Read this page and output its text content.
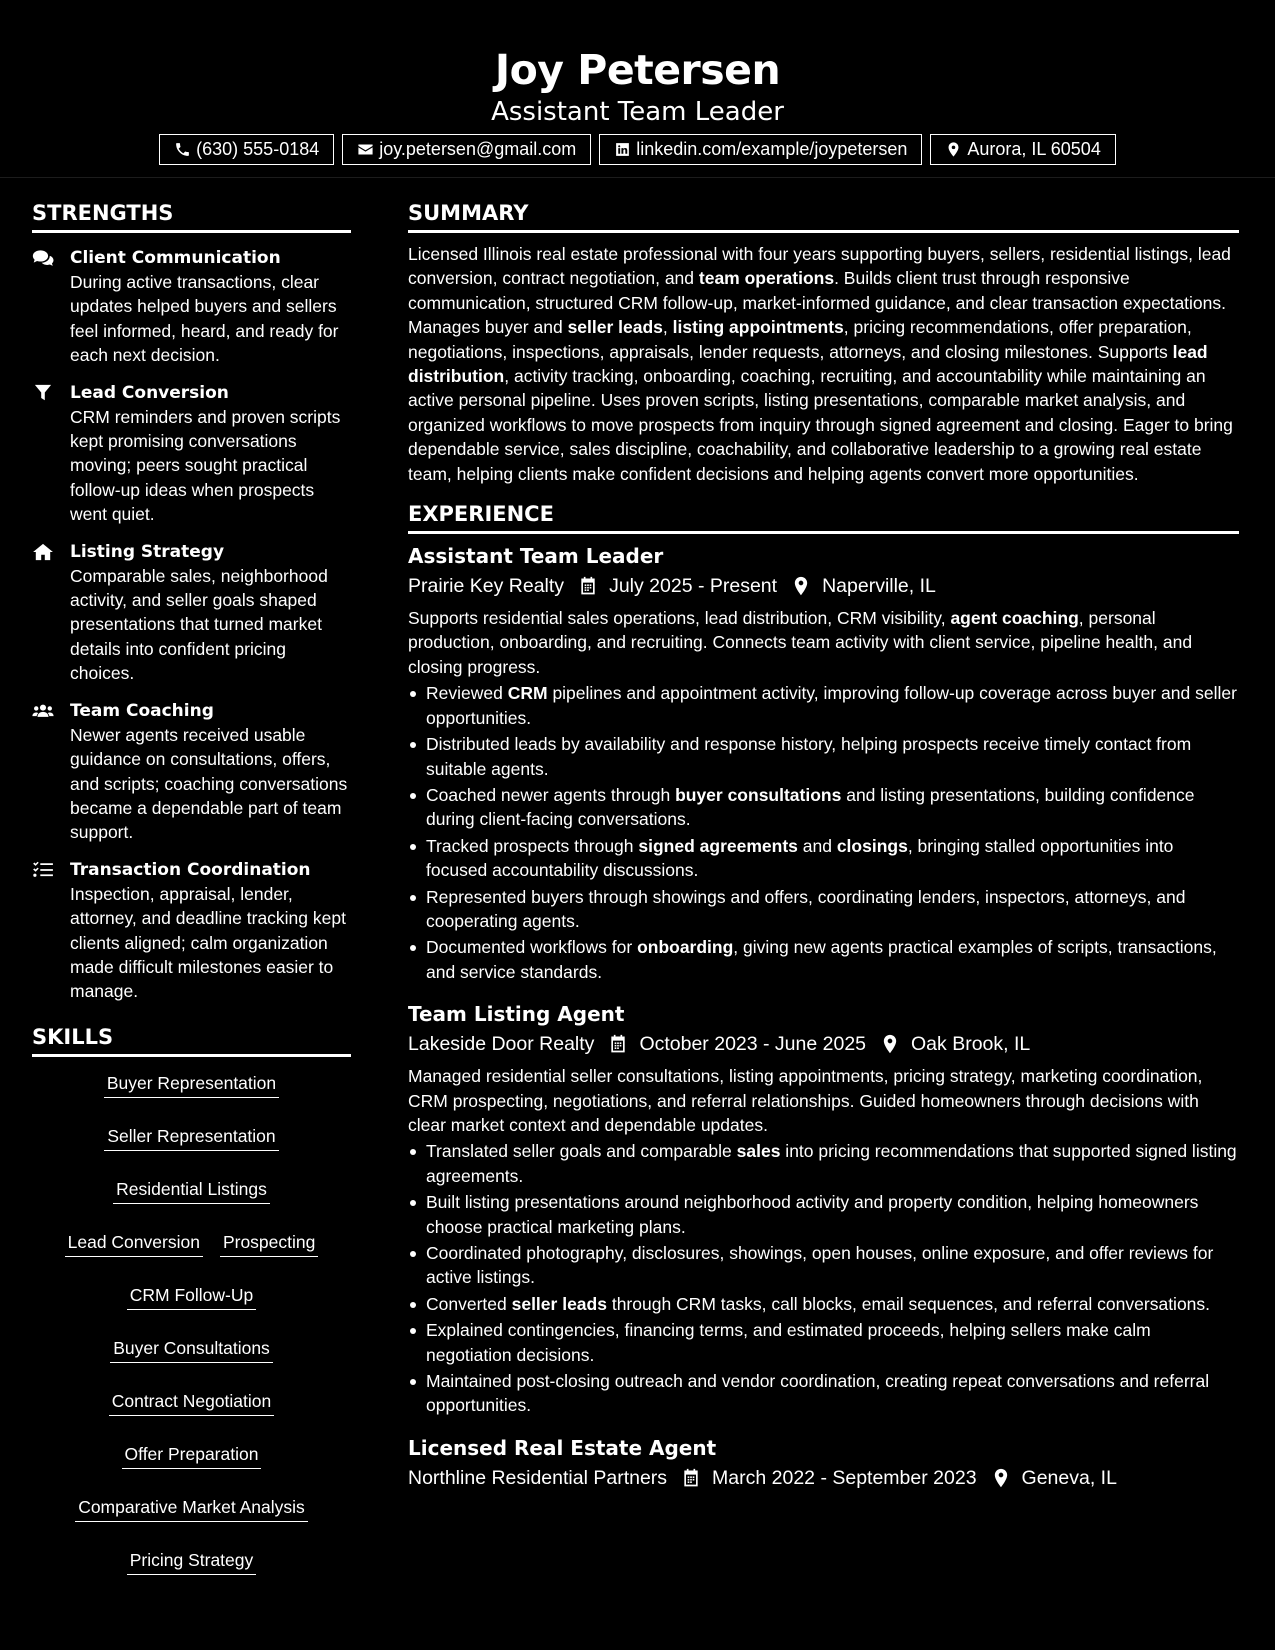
Joy Petersen
Assistant Team Leader
(630) 555-0184	joy.petersen@gmail.com	linkedin.com/example/joypetersen	Aurora, IL 60504
STRENGTHS
Client Communication
During active transactions, clear updates helped buyers and sellers feel informed, heard, and ready for each next decision.
Lead Conversion
CRM reminders and proven scripts kept promising conversations moving; peers sought practical follow-up ideas when prospects went quiet.
Listing Strategy
Comparable sales, neighborhood activity, and seller goals shaped presentations that turned market details into confident pricing choices.
Team Coaching
Newer agents received usable guidance on consultations, offers, and scripts; coaching conversations became a dependable part of team support.
Transaction Coordination
Inspection, appraisal, lender, attorney, and deadline tracking kept clients aligned; calm organization made difficult milestones easier to manage.
SKILLS
Buyer Representation
Seller Representation
Residential Listings
Lead Conversion Prospecting
CRM Follow-Up
Buyer Consultations
Contract Negotiation
Offer Preparation
Comparative Market Analysis
Pricing Strategy
SUMMARY

Licensed Illinois real estate professional with four years supporting buyers, sellers, residential listings, lead conversion, contract negotiation, and team operations. Builds client trust through responsive communication, structured CRM follow-up, market-informed guidance, and clear transaction expectations. Manages buyer and seller leads, listing appointments, pricing recommendations, offer preparation, negotiations, inspections, appraisals, lender requests, attorneys, and closing milestones. Supports lead distribution, activity tracking, onboarding, coaching, recruiting, and accountability while maintaining an active personal pipeline. Uses proven scripts, listing presentations, comparable market analysis, and organized workflows to move prospects from inquiry through signed agreement and closing. Eager to bring dependable service, sales discipline, coachability, and collaborative leadership to a growing real estate team, helping clients make confident decisions and helping agents convert more opportunities.

EXPERIENCE
Assistant Team Leader
Prairie Key Realty July 2025 - Present Naperville, IL

Supports residential sales operations, lead distribution, CRM visibility, agent coaching, personal production, onboarding, and recruiting. Connects team activity with client service, pipeline health, and closing progress.

Reviewed CRM pipelines and appointment activity, improving follow-up coverage across buyer and seller opportunities.
Distributed leads by availability and response history, helping prospects receive timely contact from suitable agents.
Coached newer agents through buyer consultations and listing presentations, building confidence during client-facing conversations.
Tracked prospects through signed agreements and closings, bringing stalled opportunities into focused accountability discussions.
Represented buyers through showings and offers, coordinating lenders, inspectors, attorneys, and cooperating agents.
Documented workflows for onboarding, giving new agents practical examples of scripts, transactions, and service standards.
Team Listing Agent
Lakeside Door Realty October 2023 - June 2025 Oak Brook, IL

Managed residential seller consultations, listing appointments, pricing strategy, marketing coordination, CRM prospecting, negotiations, and referral relationships. Guided homeowners through decisions with clear market context and dependable updates.

Translated seller goals and comparable sales into pricing recommendations that supported signed listing agreements.
Built listing presentations around neighborhood activity and property condition, helping homeowners choose practical marketing plans.
Coordinated photography, disclosures, showings, open houses, online exposure, and offer reviews for active listings.
Converted seller leads through CRM tasks, call blocks, email sequences, and referral conversations.
Explained contingencies, financing terms, and estimated proceeds, helping sellers make calm negotiation decisions.
Maintained post-closing outreach and vendor coordination, creating repeat conversations and referral opportunities.
Licensed Real Estate Agent
Northline Residential Partners March 2022 - September 2023 Geneva, IL
